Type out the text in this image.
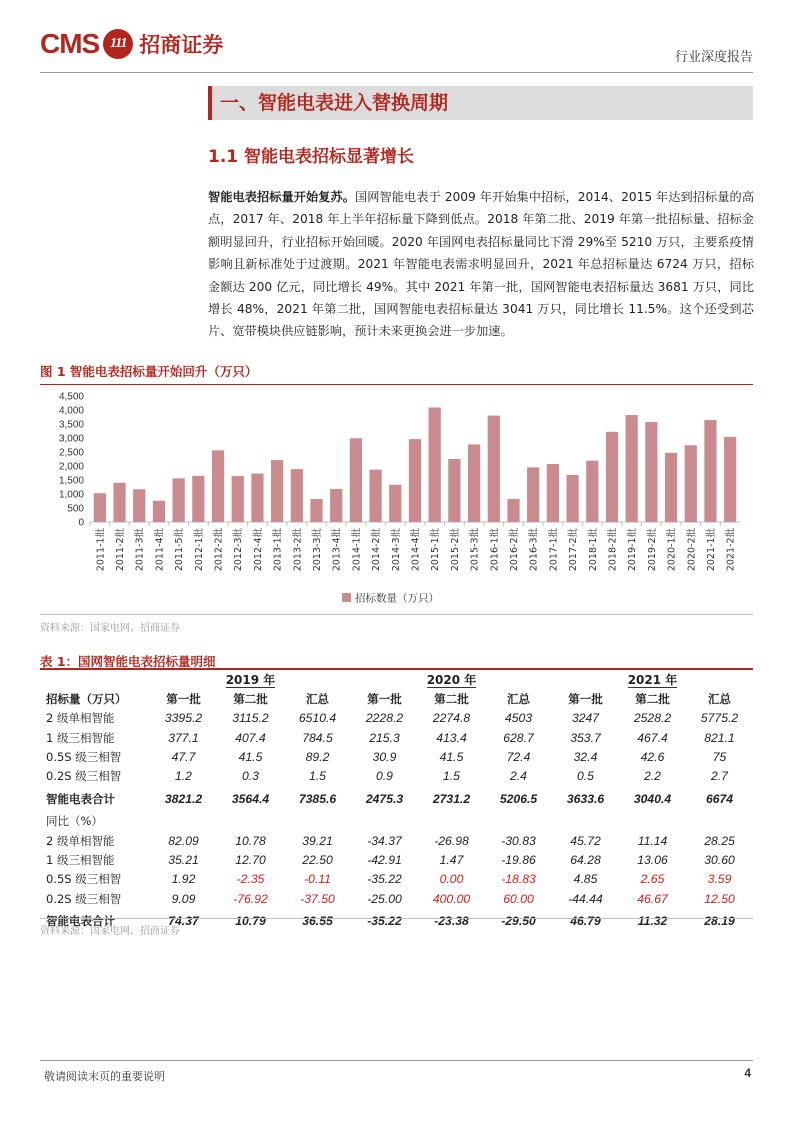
CMS 111 招商证券
行业深度报告
一、智能电表进入替换周期
1.1 智能电表招标显著增长
智能电表招标量开始复苏。国网智能电表于 2009 年开始集中招标，2014、2015 年达到招标量的高点，2017 年、2018 年上半年招标量下降到低点。2018 年第二批、2019 年第一批招标量、招标金额明显回升，行业招标开始回暖。2020 年国网电表招标量同比下滑 29%至 5210 万只，主要系疫情影响且新标准处于过渡期。2021 年智能电表需求明显回升，2021 年总招标量达 6724 万只，招标金额达 200 亿元，同比增长 49%。其中 2021 年第一批，国网智能电表招标量达 3681 万只，同比增长 48%，2021 年第二批，国网智能电表招标量达 3041 万只，同比增长 11.5%。这个还受到芯片、宽带模块供应链影响，预计未来更换会进一步加速。
图 1 智能电表招标量开始回升（万只）
0
500
1,000
1,500
2,000
2,500
3,000
3,500
4,000
4,500
2011-1批 2011-2批 2011-3批 2011-4批 2011-5批 2012-1批 2012-2批 2012-3批 2012-4批 2013-1批 2013-2批 2013-3批 2013-4批 2014-1批 2014-2批 2014-3批 2014-4批 2015-1批 2015-2批 2015-3批 2016-1批 2016-2批 2016-3批 2017-1批 2017-2批 2018-1批 2018-2批 2019-1批 2019-2批 2020-1批 2020-2批 2021-1批 2021-2批
招标数量（万只）
资料来源：国家电网、招商证券
表 1：国网智能电表招标量明细
	2019 年			2020 年			2021 年		
招标量（万只）	第一批	第二批	汇总	第一批	第二批	汇总	第一批	第二批	汇总
2 级单相智能	3395.2	3115.2	6510.4	2228.2	2274.8	4503	3247	2528.2	5775.2
1 级三相智能	377.1	407.4	784.5	215.3	413.4	628.7	353.7	467.4	821.1
0.5S 级三相智	47.7	41.5	89.2	30.9	41.5	72.4	32.4	42.6	75
0.2S 级三相智	1.2	0.3	1.5	0.9	1.5	2.4	0.5	2.2	2.7
智能电表合计	3821.2	3564.4	7385.6	2475.3	2731.2	5206.5	3633.6	3040.4	6674
同比（%）									
2 级单相智能	82.09	10.78	39.21	-34.37	-26.98	-30.83	45.72	11.14	28.25
1 级三相智能	35.21	12.70	22.50	-42.91	1.47	-19.86	64.28	13.06	30.60
0.5S 级三相智	1.92	-2.35	-0.11	-35.22	0.00	-18.83	4.85	2.65	3.59
0.2S 级三相智	9.09	-76.92	-37.50	-25.00	400.00	60.00	-44.44	46.67	12.50
智能电表合计	74.37	10.79	36.55	-35.22	-23.38	-29.50	46.79	11.32	28.19
资料来源：国家电网、招商证券
敬请阅读末页的重要说明	4
